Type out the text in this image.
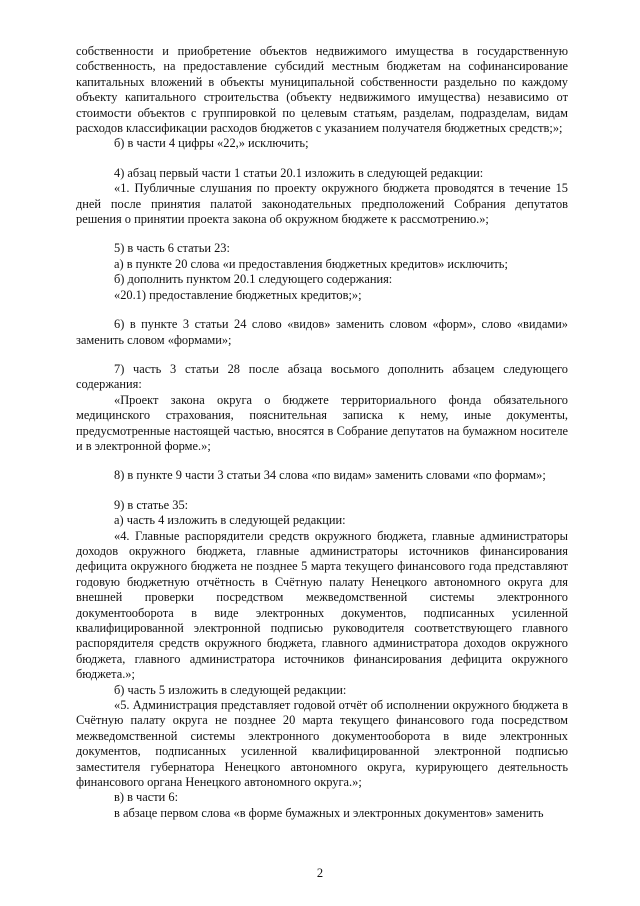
собственности и приобретение объектов недвижимого имущества в государственную собственность, на предоставление субсидий местным бюджетам на софинансирование капитальных вложений в объекты муниципальной собственности раздельно по каждому объекту капитального строительства (объекту недвижимого имущества) независимо от стоимости объектов с группировкой по целевым статьям, разделам, подразделам, видам расходов классификации расходов бюджетов с указанием получателя бюджетных средств;»;

б) в части 4 цифры «22,» исключить;

4) абзац первый части 1 статьи 20.1 изложить в следующей редакции:

«1. Публичные слушания по проекту окружного бюджета проводятся в течение 15 дней после принятия палатой законодательных предположений Собрания депутатов решения о принятии проекта закона об окружном бюджете к рассмотрению.»;

5) в часть 6 статьи 23:

а) в пункте 20 слова «и предоставления бюджетных кредитов» исключить;

б) дополнить пунктом 20.1 следующего содержания:

«20.1) предоставление бюджетных кредитов;»;

6) в пункте 3 статьи 24 слово «видов» заменить словом «форм», слово «видами» заменить словом «формами»;

7) часть 3 статьи 28 после абзаца восьмого дополнить абзацем следующего содержания:

«Проект закона округа о бюджете территориального фонда обязательного медицинского страхования, пояснительная записка к нему, иные документы, предусмотренные настоящей частью, вносятся в Собрание депутатов на бумажном носителе и в электронной форме.»;

8) в пункте 9 части 3 статьи 34 слова «по видам» заменить словами «по формам»;

9) в статье 35:

а) часть 4 изложить в следующей редакции:

«4. Главные распорядители средств окружного бюджета, главные администраторы доходов окружного бюджета, главные администраторы источников финансирования дефицита окружного бюджета не позднее 5 марта текущего финансового года представляют годовую бюджетную отчётность в Счётную палату Ненецкого автономного округа для внешней проверки посредством межведомственной системы электронного документооборота в виде электронных документов, подписанных усиленной квалифицированной электронной подписью руководителя соответствующего главного распорядителя средств окружного бюджета, главного администратора доходов окружного бюджета, главного администратора источников финансирования дефицита окружного бюджета.»;

б) часть 5 изложить в следующей редакции:

«5. Администрация представляет годовой отчёт об исполнении окружного бюджета в Счётную палату округа не позднее 20 марта текущего финансового года посредством межведомственной системы электронного документооборота в виде электронных документов, подписанных усиленной квалифицированной электронной подписью заместителя губернатора Ненецкого автономного округа, курирующего деятельность финансового органа Ненецкого автономного округа.»;

в) в части 6:

в абзаце первом слова «в форме бумажных и электронных документов» заменить

2
